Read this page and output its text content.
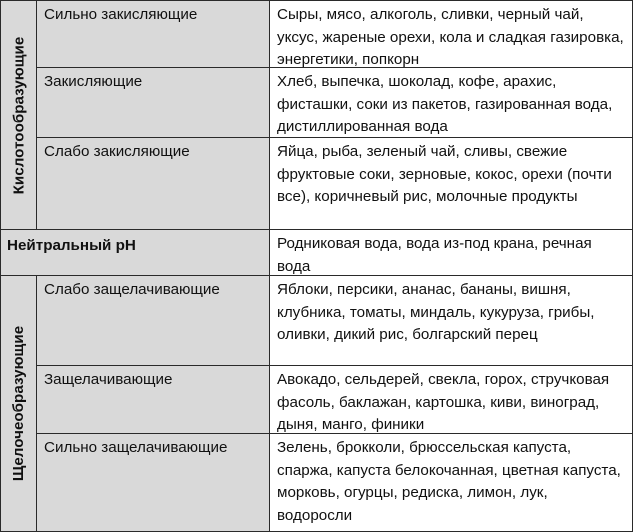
Кислотообразующие
Сильно закисляющие	Сыры, мясо, алкоголь, сливки, черный чай, уксус, жареные орехи, кола и сладкая газировка, энергетики, попкорн
Закисляющие	Хлеб, выпечка, шоколад, кофе, арахис, фисташки, соки из пакетов, газированная вода, дистиллированная вода
Слабо закисляющие	Яйца, рыба, зеленый чай, сливы, свежие фруктовые соки, зерновые, кокос, орехи (почти все), коричневый рис, молочные продукты
Нейтральный pH	Родниковая вода, вода из-под крана, речная вода
Щелочеобразующие
Слабо защелачивающие	Яблоки, персики, ананас, бананы, вишня, клубника, томаты, миндаль, кукуруза, грибы, оливки, дикий рис, болгарский перец
Защелачивающие	Авокадо, сельдерей, свекла, горох, стручковая фасоль, баклажан, картошка, киви, виноград, дыня, манго, финики
Сильно защелачивающие	Зелень, брокколи, брюссельская капуста, спаржа, капуста белокочанная, цветная капуста, морковь, огурцы, редиска, лимон, лук, водоросли
